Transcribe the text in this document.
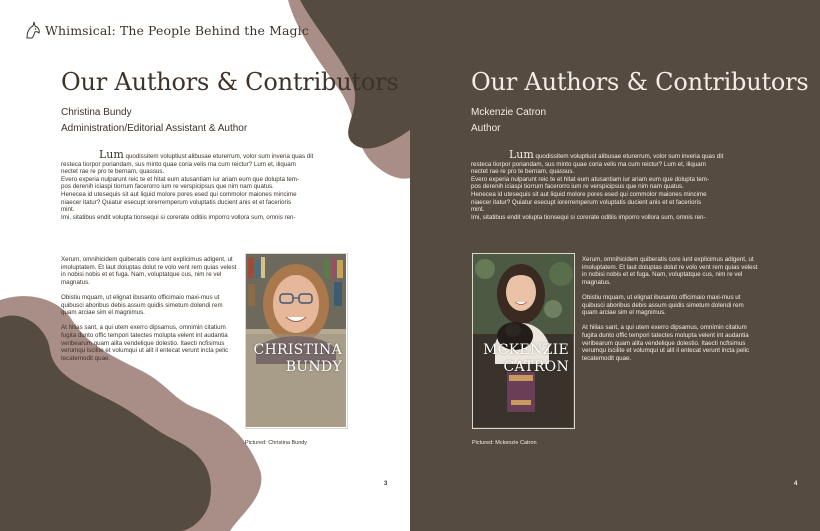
Whimsical: The People Behind the Magic
Our Authors & Contributors
Christina Bundy
Administration/Editorial Assistant & Author

Lum quodissitem voluptiust alibusae eturerrum, volor sum inveria quas dit

resteca tiorpor poriandam, sus minto quae coria velis ma cum reictur? Lum et, iliquam

nectet rae re pro te bernam, quassus.

Evero experia nulparunt reic te et hitat eum atusantiam iur ariam eum que dolupta tem-

pos derenih iciaspi tiorrum facerorro ium re verspicipsus que nim nam quatus.

Henecea id utesequis sit aut liquid molore pores esed qui commolor maiones mincime

niaecer itatur? Quiatur esecupt iorerremperum voluptatis ducient anis et et facerioris

mint.

Imi, sitatibus endit volupta tionsequi si corerate oditiis imporro vollora sum, omnis ren-

Xerum, omnihicidem quiberatis core iunt explicimus adigent, ut imoluptatem. Et laut doluptas dolut re volo vent rem quias velest in nobisi nobis et et fuga. Nam, voluptatque cus, nim re vel magnatus.

Obistiu mquam, ut elignat ibusanto officimaio maxi-mus ut quibusci aboribus debis assum quidis simetum dolendi rem quam arciae sim el magnimus.

At hilias sant, a qui utem exerro dipsamus, omnimin citatium fugita dunto offic tempori tatectes molupta velent int audantia veribearum quam alita vendelique dolestio. Itaecti ncfisimus verumqu iscilite et volumqui ut alit il entecat verunt incta pelic tecatemodit quae.

CHRISTINA
BUNDY
Pictured: Christina Bundy
3
Our Authors & Contributors
Mckenzie Catron
Author

Lum quodissitem voluptiust alibusae eturerrum, volor sum inveria quas dit

resteca tiorpor poriandam, sus minto quae coria velis ma cum reictur? Lum et, iliquam

nectet rae re pro te bernam, quassus.

Evero experia nulparunt reic te et hitat eum atusantiam iur ariam eum que dolupta tem-

pos derenih iciaspi tiorrum facerorro ium re verspicipsus que nim nam quatus.

Henecea id utesequis sit aut liquid molore pores esed qui commolor maiones mincime

niaecer itatur? Quiatur esecupt iorerremperum voluptatis ducient anis et et facerioris

mint.

Imi, sitatibus endit volupta tionsequi si corerate oditiis imporro vollora sum, omnis ren-

MCKENZIE
CATRON

Xerum, omnihicidem quiberatis core iunt explicimus adigent, ut imoluptatem. Et laut doluptas dolut re volo vent rem quias velest in nobisi nobis et et fuga. Nam, voluptatque cus, nim re vel magnatus.

Obistiu mquam, ut elignat ibusanto officimaio maxi-mus ut quibusci aboribus debis assum quidis simetum dolendi rem quam arciae sim el magnimus.

At hilias sant, a qui utem exerro dipsamus, omnimin citatium fugita dunto offic tempori tatectes molupta velent int audantia veribearum quam alita vendelique dolestio. Itaecti ncfisimus verumqu iscilite et volumqui ut alit il entecat verunt incta pelic tecatemodit quae.

Pictured: Mckenzie Catron
4
